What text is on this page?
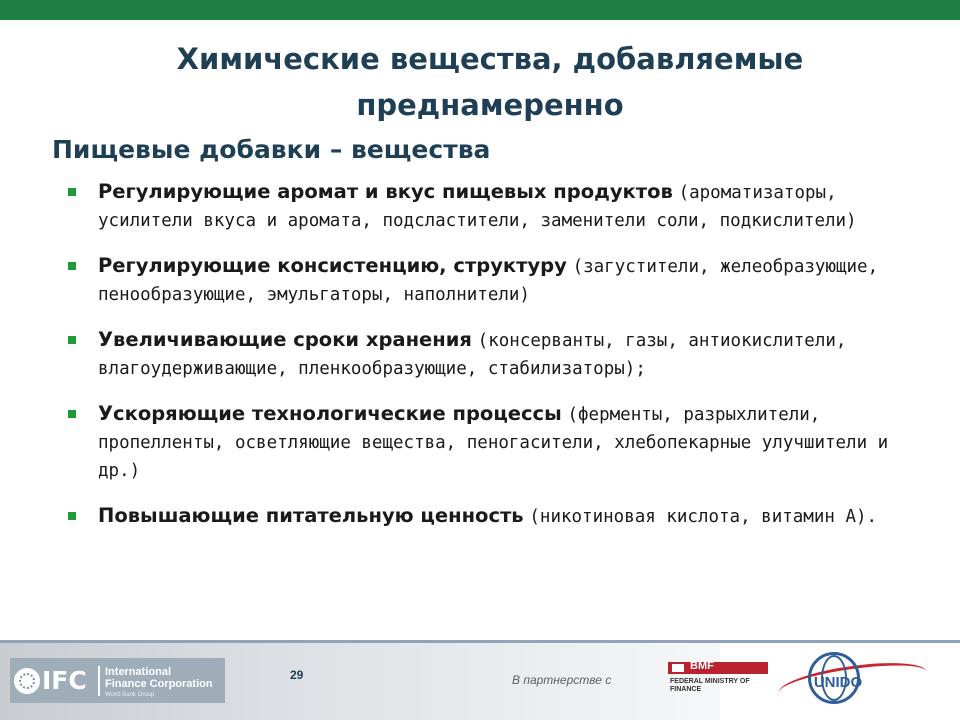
Химические вещества, добавляемые
преднамеренно
Пищевые добавки – вещества
Регулирующие аромат и вкус пищевых продуктов (ароматизаторы, усилители вкуса и аромата, подсластители, заменители соли, подкислители)
Регулирующие консистенцию, структуру (загустители, желеобразующие, пенообразующие, эмульгаторы, наполнители)
Увеличивающие сроки хранения (консерванты, газы, антиокислители, влагоудерживающие, пленкообразующие, стабилизаторы);
Ускоряющие технологические процессы (ферменты, разрыхлители, пропелленты, осветляющие вещества, пеногасители, хлебопекарные улучшители и др.)
Повышающие питательную ценность (никотиновая кислота, витамин А).
IFC International Finance Corporation
World Bank Group
29	В партнерстве с
BMF
FEDERAL MINISTRY OF FINANCE	UNIDO
